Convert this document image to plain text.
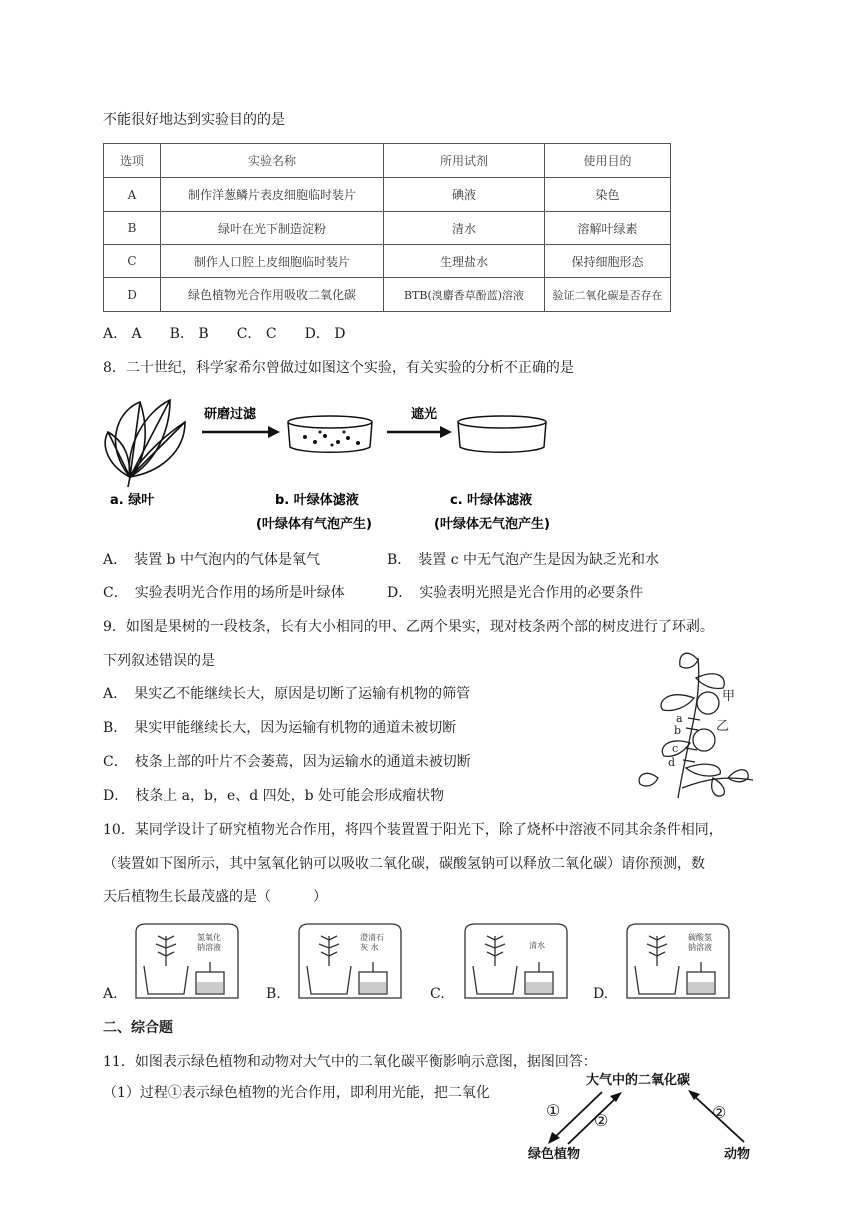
不能很好地达到实验目的的是
选项	实验名称	所用试剂	使用目的
A	制作洋葱鳞片表皮细胞临时装片	碘液	染色
B	绿叶在光下制造淀粉	清水	溶解叶绿素
C	制作人口腔上皮细胞临时装片	生理盐水	保持细胞形态
D	绿色植物光合作用吸收二氧化碳	BTB(溴麝香草酚蓝)溶液	验证二氧化碳是否存在
A． A　　B． B　　C． C　　D． D
8．二十世纪，科学家希尔曾做过如图这个实验，有关实验的分析不正确的是
研磨过滤	遮光
a. 绿叶	b. 叶绿体滤液	c. 叶绿体滤液
(叶绿体有气泡产生)	(叶绿体无气泡产生)
A．　装置 b 中气泡内的气体是氧气	B．　装置 c 中无气泡产生是因为缺乏光和水
C．　实验表明光合作用的场所是叶绿体	D．　实验表明光照是光合作用的必要条件
9．如图是果树的一段枝条，长有大小相同的甲、乙两个果实，现对枝条两个部的树皮进行了环剥。
下列叙述错误的是
A．　果实乙不能继续长大，原因是切断了运输有机物的筛管
B．　果实甲能继续长大，因为运输有机物的通道未被切断
C．　枝条上部的叶片不会萎蔫，因为运输水的通道未被切断
D．　枝条上 a，b，e、d 四处，b 处可能会形成瘤状物
甲
乙
a
b
c
d
10．某同学设计了研究植物光合作用，将四个装置置于阳光下，除了烧杯中溶液不同其余条件相同，
（装置如下图所示，其中氢氧化钠可以吸收二氧化碳，碳酸氢钠可以释放二氧化碳）请你预测，数
天后植物生长最茂盛的是（　　　）
A.	B.	C.	D.
氢氧化钠溶液
澄清石灰 水	清水
碳酸氢钠溶液
二、综合题
11．如图表示绿色植物和动物对大气中的二氧化碳平衡影响示意图，据图回答：
（1）过程①表示绿色植物的光合作用，即利用光能，把二氧化
大气中的二氧化碳
绿色植物	动物
①
②	②
